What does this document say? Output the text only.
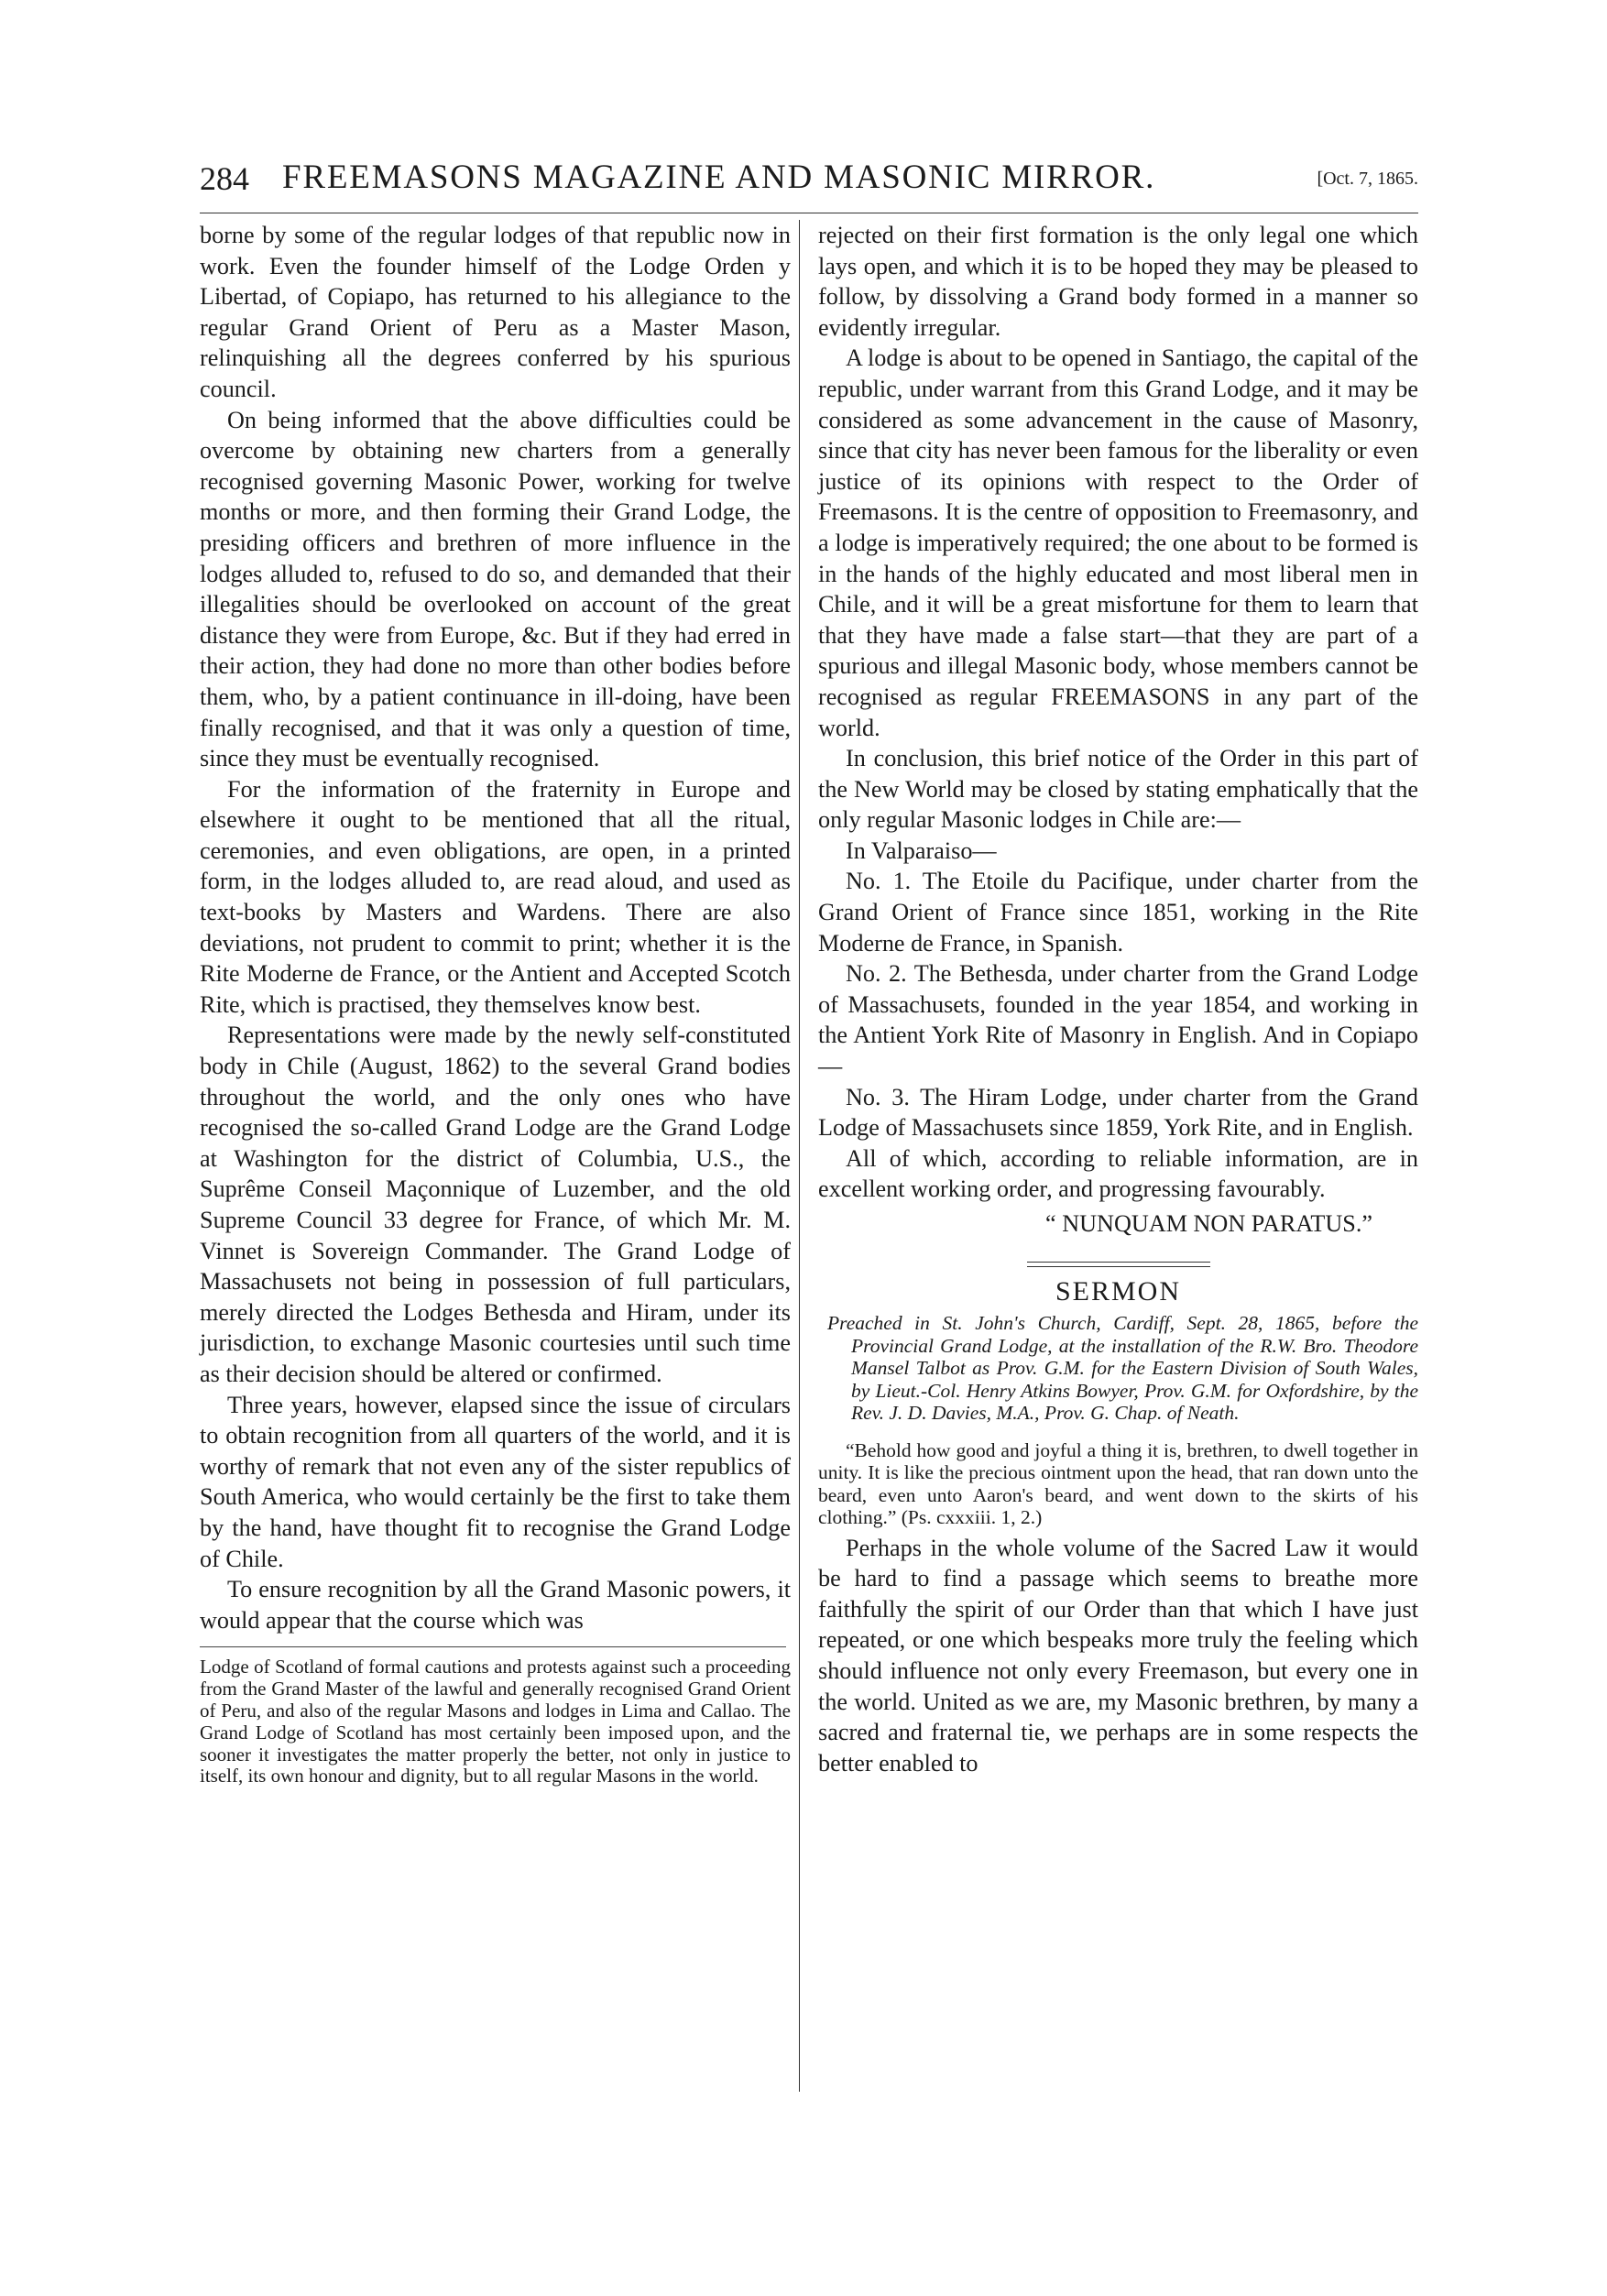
284 FREEMASONS MAGAZINE AND MASONIC MIRROR.	[Oct. 7, 1865.

borne by some of the regular lodges of that republic now in work. Even the founder himself of the Lodge Orden y Libertad, of Copiapo, has returned to his allegiance to the regular Grand Orient of Peru as a Master Mason, relinquishing all the degrees conferred by his spurious council.

On being informed that the above difficulties could be overcome by obtaining new charters from a generally recognised governing Masonic Power, working for twelve months or more, and then forming their Grand Lodge, the presiding officers and brethren of more influence in the lodges alluded to, refused to do so, and demanded that their illegalities should be overlooked on account of the great distance they were from Europe, &c. But if they had erred in their action, they had done no more than other bodies before them, who, by a patient continuance in ill-doing, have been finally recognised, and that it was only a question of time, since they must be eventually recognised.

For the information of the fraternity in Europe and elsewhere it ought to be mentioned that all the ritual, ceremonies, and even obligations, are open, in a printed form, in the lodges alluded to, are read aloud, and used as text-books by Masters and Wardens. There are also deviations, not prudent to commit to print; whether it is the Rite Moderne de France, or the Antient and Accepted Scotch Rite, which is practised, they themselves know best.

Representations were made by the newly self-constituted body in Chile (August, 1862) to the several Grand bodies throughout the world, and the only ones who have recognised the so-called Grand Lodge are the Grand Lodge at Washington for the district of Columbia, U.S., the Suprême Conseil Maçonnique of Luzember, and the old Supreme Council 33 degree for France, of which Mr. M. Vinnet is Sovereign Commander. The Grand Lodge of Massachusets not being in possession of full particulars, merely directed the Lodges Bethesda and Hiram, under its jurisdiction, to exchange Masonic courtesies until such time as their decision should be altered or confirmed.

Three years, however, elapsed since the issue of circulars to obtain recognition from all quarters of the world, and it is worthy of remark that not even any of the sister republics of South America, who would certainly be the first to take them by the hand, have thought fit to recognise the Grand Lodge of Chile.

To ensure recognition by all the Grand Masonic powers, it would appear that the course which was

Lodge of Scotland of formal cautions and protests against such a proceeding from the Grand Master of the lawful and generally recognised Grand Orient of Peru, and also of the regular Masons and lodges in Lima and Callao. The Grand Lodge of Scotland has most certainly been imposed upon, and the sooner it investigates the matter properly the better, not only in justice to itself, its own honour and dignity, but to all regular Masons in the world.

rejected on their first formation is the only legal one which lays open, and which it is to be hoped they may be pleased to follow, by dissolving a Grand body formed in a manner so evidently irregular.

A lodge is about to be opened in Santiago, the capital of the republic, under warrant from this Grand Lodge, and it may be considered as some advancement in the cause of Masonry, since that city has never been famous for the liberality or even justice of its opinions with respect to the Order of Freemasons. It is the centre of opposition to Freemasonry, and a lodge is imperatively required; the one about to be formed is in the hands of the highly educated and most liberal men in Chile, and it will be a great misfortune for them to learn that that they have made a false start—that they are part of a spurious and illegal Masonic body, whose members cannot be recognised as regular FREEMASONS in any part of the world.

In conclusion, this brief notice of the Order in this part of the New World may be closed by stating emphatically that the only regular Masonic lodges in Chile are:—

In Valparaiso—

No. 1. The Etoile du Pacifique, under charter from the Grand Orient of France since 1851, working in the Rite Moderne de France, in Spanish.

No. 2. The Bethesda, under charter from the Grand Lodge of Massachusets, founded in the year 1854, and working in the Antient York Rite of Masonry in English. And in Copiapo—

No. 3. The Hiram Lodge, under charter from the Grand Lodge of Massachusets since 1859, York Rite, and in English.

All of which, according to reliable information, are in excellent working order, and progressing favourably.

“ NUNQUAM NON PARATUS.”

SERMON

Preached in St. John's Church, Cardiff, Sept. 28, 1865, before the Provincial Grand Lodge, at the installation of the R.W. Bro. Theodore Mansel Talbot as Prov. G.M. for the Eastern Division of South Wales, by Lieut.-Col. Henry Atkins Bowyer, Prov. G.M. for Oxfordshire, by the Rev. J. D. Davies, M.A., Prov. G. Chap. of Neath.

“Behold how good and joyful a thing it is, brethren, to dwell together in unity. It is like the precious ointment upon the head, that ran down unto the beard, even unto Aaron's beard, and went down to the skirts of his clothing.” (Ps. cxxxiii. 1, 2.)

Perhaps in the whole volume of the Sacred Law it would be hard to find a passage which seems to breathe more faithfully the spirit of our Order than that which I have just repeated, or one which bespeaks more truly the feeling which should influence not only every Freemason, but every one in the world. United as we are, my Masonic brethren, by many a sacred and fraternal tie, we perhaps are in some respects the better enabled to
